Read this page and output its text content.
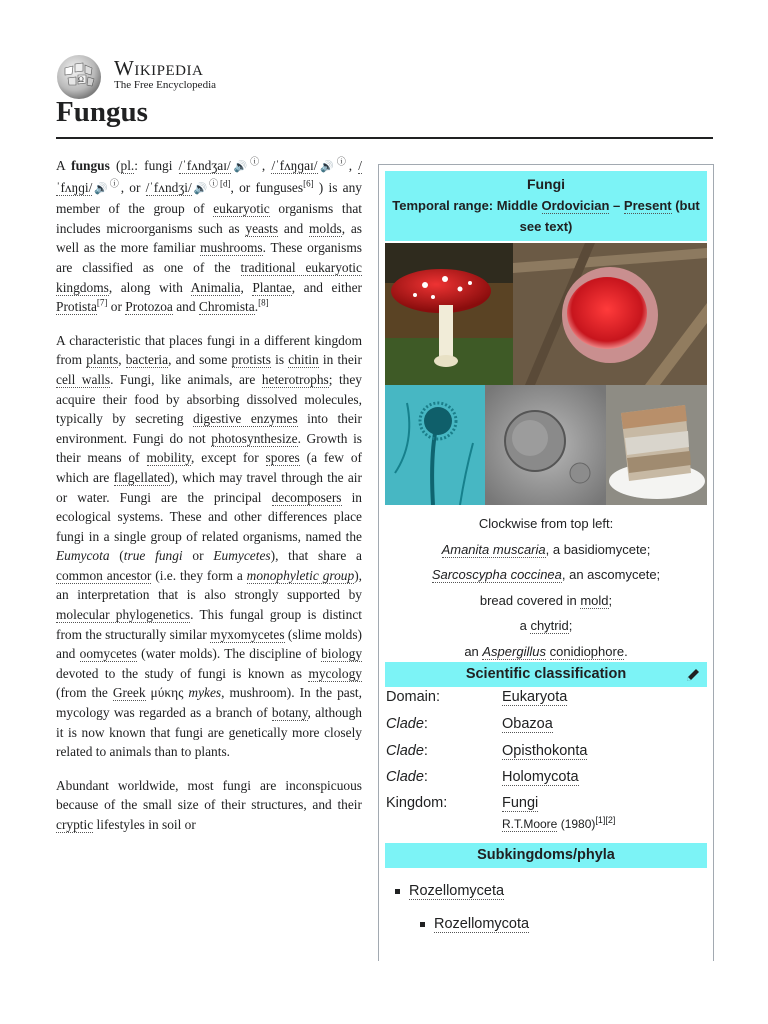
Ω Wikipedia
The Free Encyclopedia
Fungus

A fungus (pl.: fungi /ˈfʌndʒaɪ/🔊ⓘ, /ˈfʌŋɡaɪ/🔊ⓘ, /ˈfʌŋɡi/🔊ⓘ, or /ˈfʌndʒi/🔊$^{ⓘ[d]}$, or funguses[6] ) is any member of the group of eukaryotic organisms that includes microorganisms such as yeasts and molds, as well as the more familiar mushrooms. These organisms are classified as one of the traditional eukaryotic kingdoms, along with Animalia, Plantae, and either Protista[7] or Protozoa and Chromista.[8]

A characteristic that places fungi in a different kingdom from plants, bacteria, and some protists is chitin in their cell walls. Fungi, like animals, are heterotrophs; they acquire their food by absorbing dissolved molecules, typically by secreting digestive enzymes into their environment. Fungi do not photosynthesize. Growth is their means of mobility, except for spores (a few of which are flagellated), which may travel through the air or water. Fungi are the principal decomposers in ecological systems. These and other differences place fungi in a single group of related organisms, named the Eumycota (true fungi or Eumycetes), that share a common ancestor (i.e. they form a monophyletic group), an interpretation that is also strongly supported by molecular phylogenetics. This fungal group is distinct from the structurally similar myxomycetes (slime molds) and oomycetes (water molds). The discipline of biology devoted to the study of fungi is known as mycology (from the Greek μύκης mykes, mushroom). In the past, mycology was regarded as a branch of botany, although it is now known that fungi are genetically more closely related to animals than to plants.

Abundant worldwide, most fungi are inconspicuous because of the small size of their structures, and their cryptic lifestyles in soil or

Fungi
Temporal range: Middle Ordovician – Present (but see text)
Clockwise from top left:
Amanita muscaria, a basidiomycete;
Sarcoscypha coccinea, an ascomycete;
bread covered in mold;
a chytrid;
an Aspergillus conidiophore.
Scientific classification
Domain:	Eukaryota
Clade:	Obazoa
Clade:	Opisthokonta
Clade:	Holomycota
Kingdom:	Fungi
R.T.Moore (1980)[1][2]
Subkingdoms/phyla
Rozellomyceta
Rozellomycota
